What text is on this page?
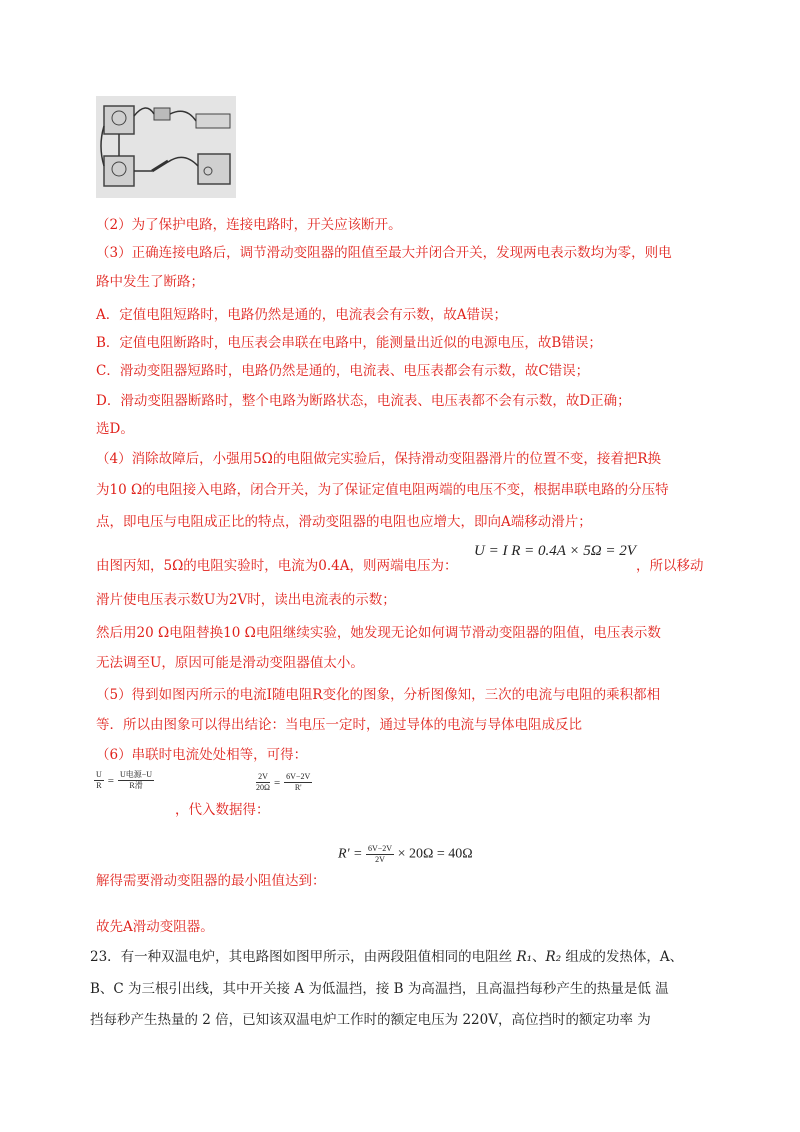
（2）为了保护电路，连接电路时，开关应该断开。
（3）正确连接电路后，调节滑动变阻器的阻值至最大并闭合开关，发现两电表示数均为零，则电
路中发生了断路；
A．定值电阻短路时，电路仍然是通的，电流表会有示数，故A错误；
B．定值电阻断路时，电压表会串联在电路中，能测量出近似的电源电压，故B错误；
C．滑动变阻器短路时，电路仍然是通的，电流表、电压表都会有示数，故C错误；
D．滑动变阻器断路时，整个电路为断路状态，电流表、电压表都不会有示数，故D正确；
选D。
（4）消除故障后，小强用5Ω的电阻做完实验后，保持滑动变阻器滑片的位置不变，接着把R换
为10 Ω的电阻接入电路，闭合开关，为了保证定值电阻两端的电压不变，根据串联电路的分压特
点，即电压与电阻成正比的特点，滑动变阻器的电阻也应增大，即向A端移动滑片；
由图丙知，5Ω的电阻实验时，电流为0.4A，则两端电压为：
U = I R = 0.4A × 5Ω = 2V
，所以移动
滑片使电压表示数U为2V时，读出电流表的示数；
然后用20 Ω电阻替换10 Ω电阻继续实验，她发现无论如何调节滑动变阻器的阻值，电压表示数
无法调至U，原因可能是滑动变阻器值太小。
（5）得到如图丙所示的电流I随电阻R变化的图象，分析图像知，三次的电流与电阻的乘积都相
等．所以由图象可以得出结论：当电压一定时，通过导体的电流与导体电阻成反比
（6）串联时电流处处相等，可得：
$\frac{U}{R} = \frac{\text{U电源−U}}{\text{R滑}}$
，代入数据得：
$\frac{2V}{20\Omega} = \frac{6V-2V}{R'}$
$R' = \frac{6V-2V}{2V} \times 20\Omega = 40\Omega$
解得需要滑动变阻器的最小阻值达到：
故先A滑动变阻器。
23．有一种双温电炉，其电路图如图甲所示，由两段阻值相同的电阻丝 R₁、R₂ 组成的发热体，A、
B、C 为三根引出线，其中开关接 A 为低温挡，接 B 为高温挡，且高温挡每秒产生的热量是低 温
挡每秒产生热量的 2 倍，已知该双温电炉工作时的额定电压为 220V，高位挡时的额定功率 为
